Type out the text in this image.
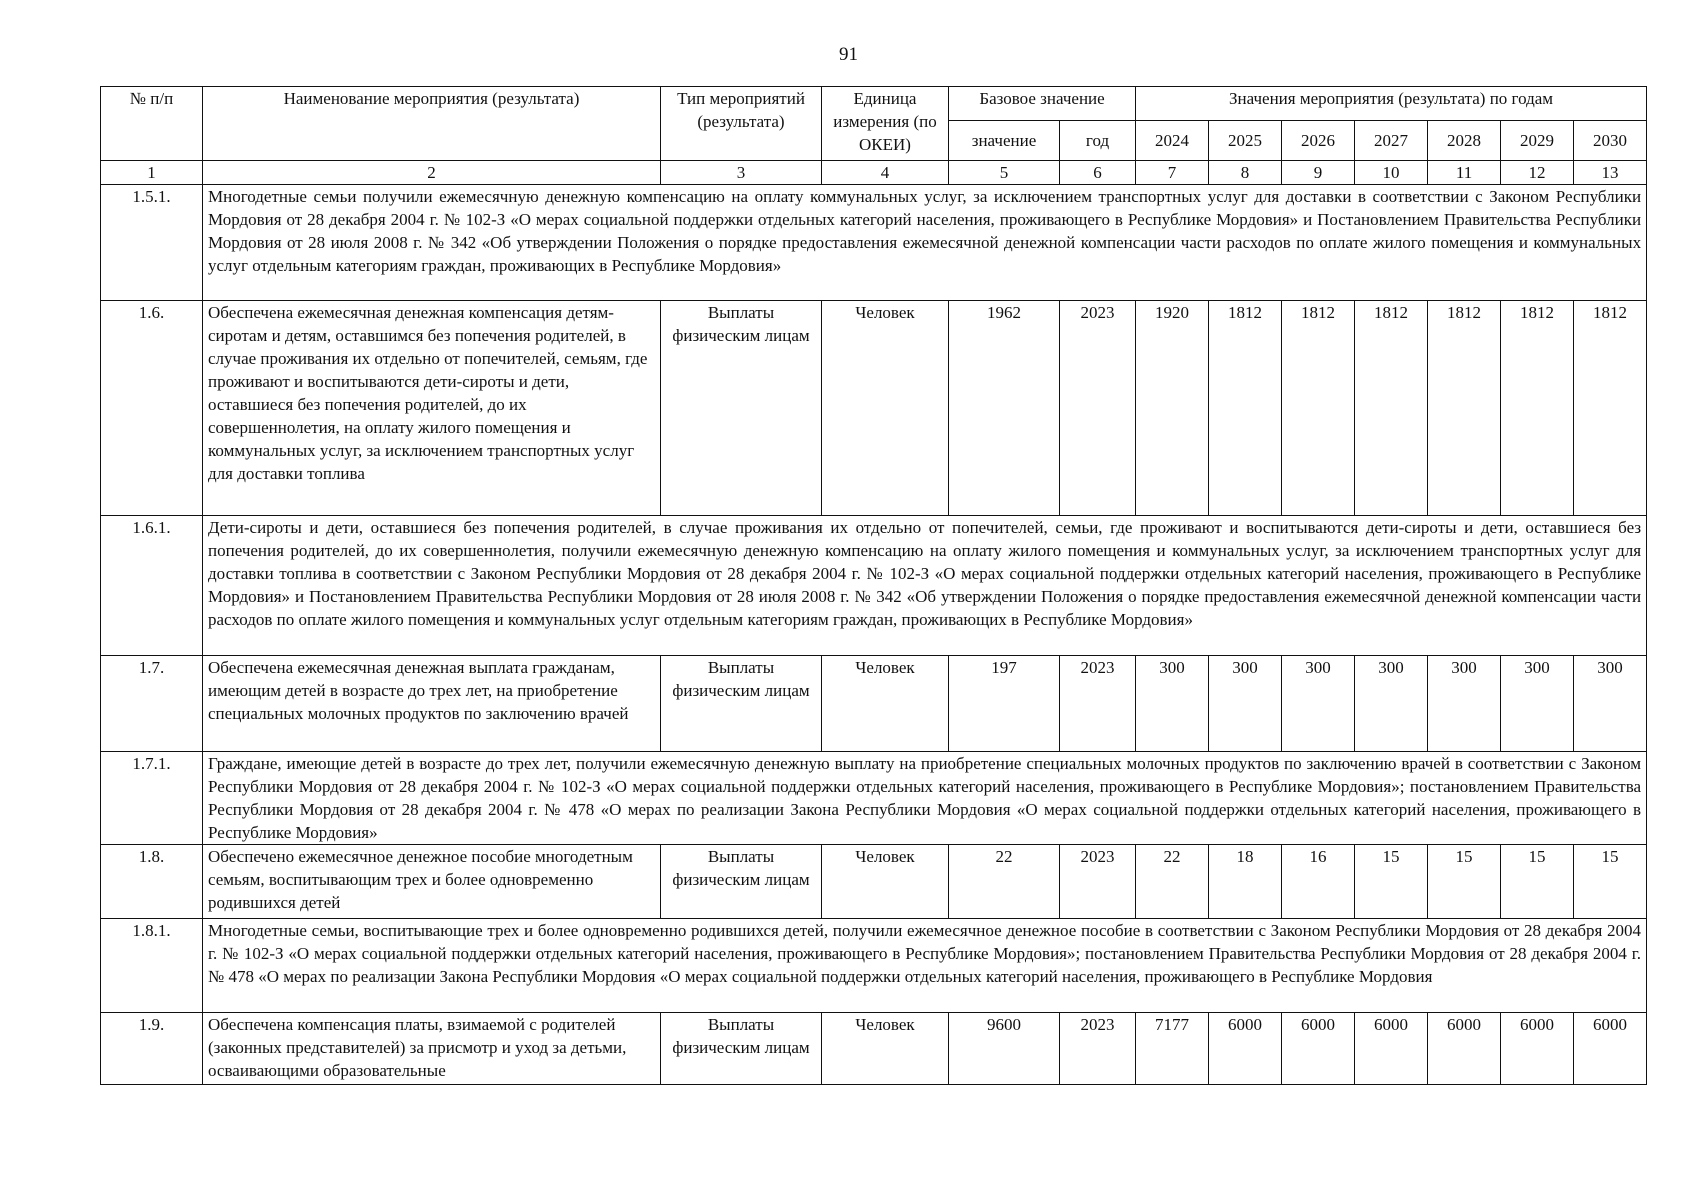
91
№ п/п	Наименование мероприятия (результата)	Тип мероприятий (результата)	Единица измерения (по ОКЕИ)	Базовое значение		Значения мероприятия (результата) по годам						
				значение	год	2024	2025	2026	2027	2028	2029	2030
1	2	3	4	5	6	7	8	9	10	11	12	13
1.5.1.	Многодетные семьи получили ежемесячную денежную компенсацию на оплату коммунальных услуг, за исключением транспортных услуг для доставки в соответствии с Законом Республики Мордовия от 28 декабря 2004 г. № 102-З «О мерах социальной поддержки отдельных категорий населения, проживающего в Республике Мордовия» и Постановлением Правительства Республики Мордовия от 28 июля 2008 г. № 342 «Об утверждении Положения о порядке предоставления ежемесячной денежной компенсации части расходов по оплате жилого помещения и коммунальных услуг отдельным категориям граждан, проживающих в Республике Мордовия»											
1.6.	Обеспечена ежемесячная денежная компенсация детям-сиротам и детям, оставшимся без попечения родителей, в случае проживания их отдельно от попечителей, семьям, где проживают и воспитываются дети-сироты и дети, оставшиеся без попечения родителей, до их совершеннолетия, на оплату жилого помещения и коммунальных услуг, за исключением транспортных услуг для доставки топлива	Выплаты физическим лицам	Человек	1962	2023	1920	1812	1812	1812	1812	1812	1812
1.6.1.	Дети-сироты и дети, оставшиеся без попечения родителей, в случае проживания их отдельно от попечителей, семьи, где проживают и воспитываются дети-сироты и дети, оставшиеся без попечения родителей, до их совершеннолетия, получили ежемесячную денежную компенсацию на оплату жилого помещения и коммунальных услуг, за исключением транспортных услуг для доставки топлива в соответствии с Законом Республики Мордовия от 28 декабря 2004 г. № 102-З «О мерах социальной поддержки отдельных категорий населения, проживающего в Республике Мордовия» и Постановлением Правительства Республики Мордовия от 28 июля 2008 г. № 342 «Об утверждении Положения о порядке предоставления ежемесячной денежной компенсации части расходов по оплате жилого помещения и коммунальных услуг отдельным категориям граждан, проживающих в Республике Мордовия»											
1.7.	Обеспечена ежемесячная денежная выплата гражданам, имеющим детей в возрасте до трех лет, на приобретение специальных молочных продуктов по заключению врачей	Выплаты физическим лицам	Человек	197	2023	300	300	300	300	300	300	300
1.7.1.	Граждане, имеющие детей в возрасте до трех лет, получили ежемесячную денежную выплату на приобретение специальных молочных продуктов по заключению врачей в соответствии с Законом Республики Мордовия от 28 декабря 2004 г. № 102-З «О мерах социальной поддержки отдельных категорий населения, проживающего в Республике Мордовия»; постановлением Правительства Республики Мордовия от 28 декабря 2004 г. № 478 «О мерах по реализации Закона Республики Мордовия «О мерах социальной поддержки отдельных категорий населения, проживающего в Республике Мордовия»											
1.8.	Обеспечено ежемесячное денежное пособие многодетным семьям, воспитывающим трех и более одновременно родившихся детей	Выплаты физическим лицам	Человек	22	2023	22	18	16	15	15	15	15
1.8.1.	Многодетные семьи, воспитывающие трех и более одновременно родившихся детей, получили ежемесячное денежное пособие в соответствии с Законом Республики Мордовия от 28 декабря 2004 г. № 102-З «О мерах социальной поддержки отдельных категорий населения, проживающего в Республике Мордовия»; постановлением Правительства Республики Мордовия от 28 декабря 2004 г. № 478 «О мерах по реализации Закона Республики Мордовия «О мерах социальной поддержки отдельных категорий населения, проживающего в Республике Мордовия											
1.9.	Обеспечена компенсация платы, взимаемой с родителей (законных представителей) за присмотр и уход за детьми, осваивающими образовательные	Выплаты физическим лицам	Человек	9600	2023	7177	6000	6000	6000	6000	6000	6000
